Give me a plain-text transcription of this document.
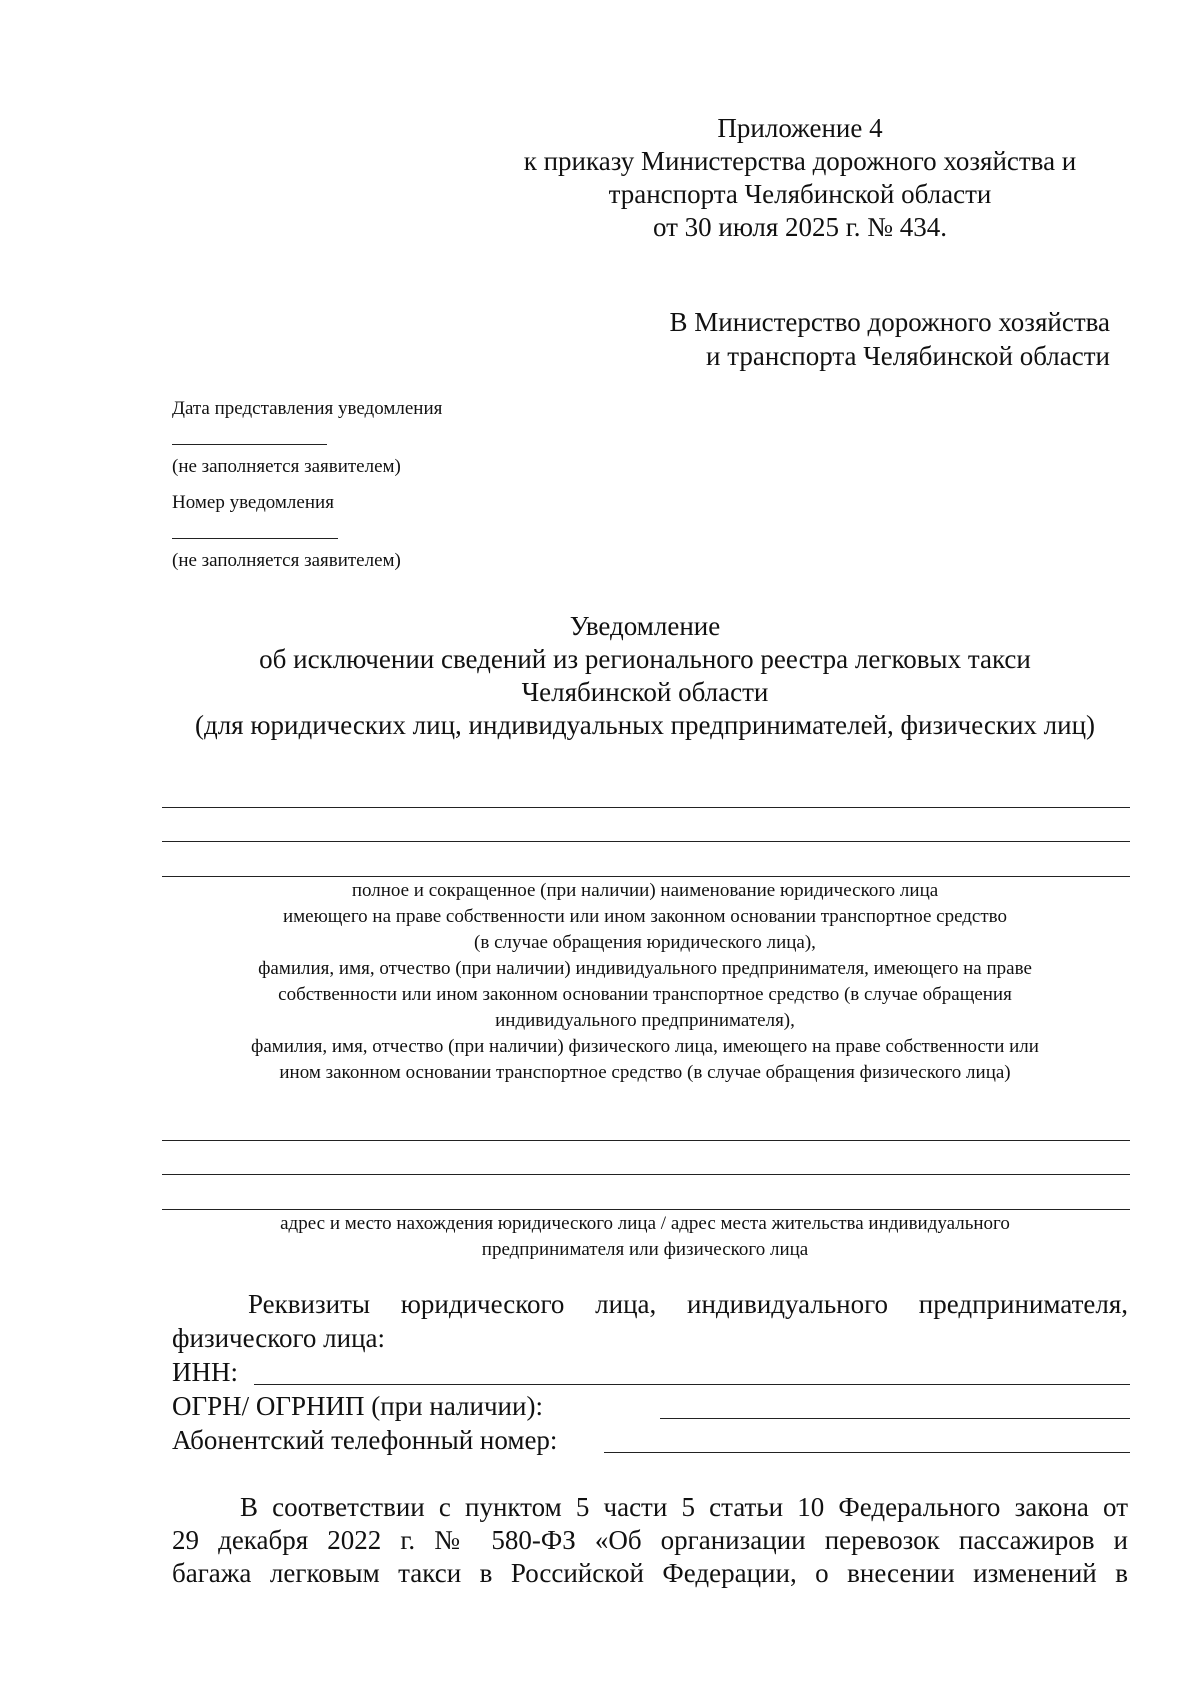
Приложение 4
к приказу Министерства дорожного хозяйства и
транспорта Челябинской области
от 30 июля 2025 г. № 434.
В Министерство дорожного хозяйства
и транспорта Челябинской области
Дата представления уведомления
(не заполняется заявителем)
Номер уведомления
(не заполняется заявителем)
Уведомление
об исключении сведений из регионального реестра легковых такси
Челябинской области
(для юридических лиц, индивидуальных предпринимателей, физических лиц)
полное и сокращенное (при наличии) наименование юридического лица
имеющего на праве собственности или ином законном основании транспортное средство
(в случае обращения юридического лица),
фамилия, имя, отчество (при наличии) индивидуального предпринимателя, имеющего на праве
собственности или ином законном основании транспортное средство (в случае обращения
индивидуального предпринимателя),
фамилия, имя, отчество (при наличии) физического лица, имеющего на праве собственности или
ином законном основании транспортное средство (в случае обращения физического лица)
адрес и место нахождения юридического лица / адрес места жительства индивидуального
предпринимателя или физического лица
Реквизиты юридического лица, индивидуального предпринимателя,
физического лица:
ИНН:
ОГРН/ ОГРНИП (при наличии):
Абонентский телефонный номер:
В соответствии с пунктом 5 части 5 статьи 10 Федерального закона от
29 декабря 2022 г. № 580-ФЗ «Об организации перевозок пассажиров и
багажа легковым такси в Российской Федерации, о внесении изменений в
